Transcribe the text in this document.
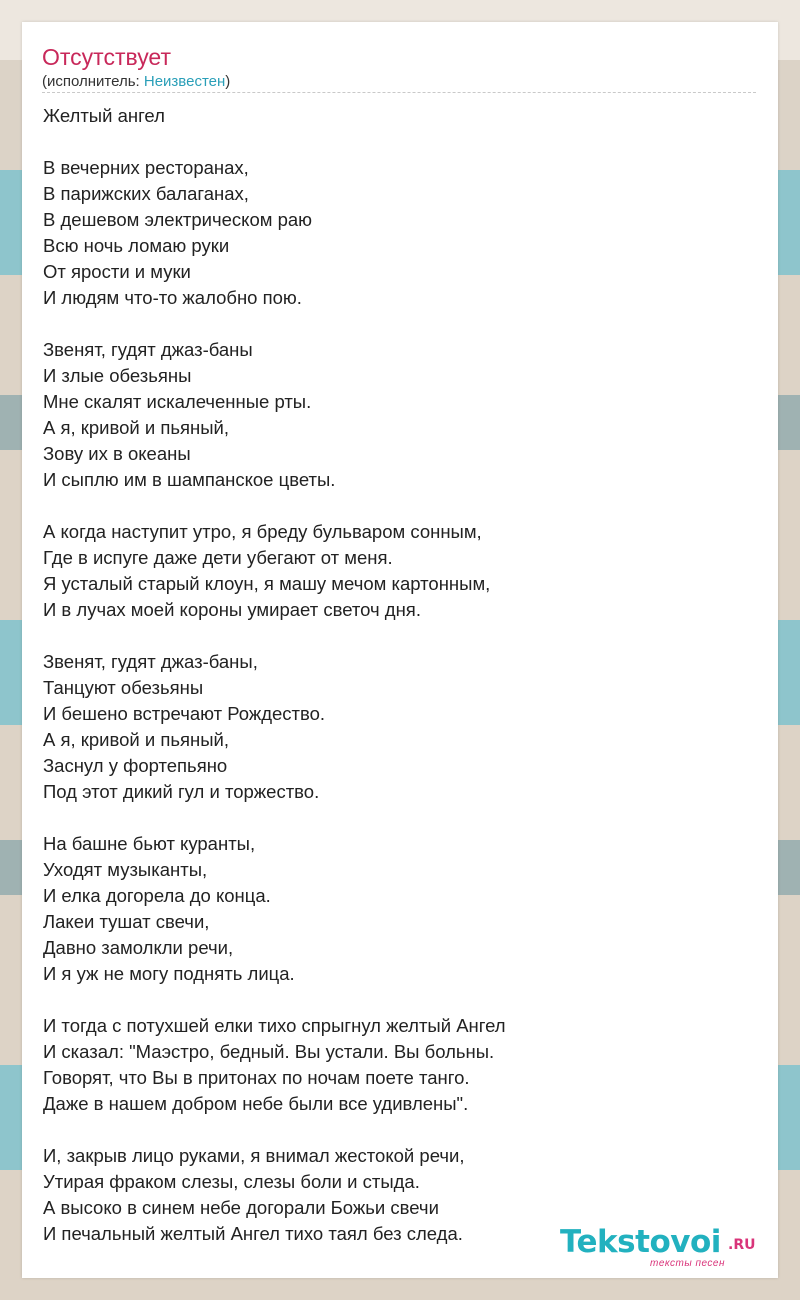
Отсутствует
(исполнитель: Неизвестен)
Желтый ангел
В вечерних ресторанах,
В парижских балаганах,
В дешевом электрическом раю
Всю ночь ломаю руки
От ярости и муки
И людям что-то жалобно пою.
Звенят, гудят джаз-баны
И злые обезьяны
Мне скалят искалеченные рты.
А я, кривой и пьяный,
Зову их в океаны
И сыплю им в шампанское цветы.
А когда наступит утро, я бреду бульваром сонным,
Где в испуге даже дети убегают от меня.
Я усталый старый клоун, я машу мечом картонным,
И в лучах моей короны умирает светоч дня.
Звенят, гудят джаз-баны,
Танцуют обезьяны
И бешено встречают Рождество.
А я, кривой и пьяный,
Заснул у фортепьяно
Под этот дикий гул и торжество.
На башне бьют куранты,
Уходят музыканты,
И елка догорела до конца.
Лакеи тушат свечи,
Давно замолкли речи,
И я уж не могу поднять лица.
И тогда с потухшей елки тихо спрыгнул желтый Ангел
И сказал: "Маэстро, бедный. Вы устали. Вы больны.
Говорят, что Вы в притонах по ночам поете танго.
Даже в нашем добром небе были все удивлены".
И, закрыв лицо руками, я внимал жестокой речи,
Утирая фраком слезы, слезы боли и стыда.
А высоко в синем небе догорали Божьи свечи
И печальный желтый Ангел тихо таял без следа.	Tekstovoi .RU
тексты песен
